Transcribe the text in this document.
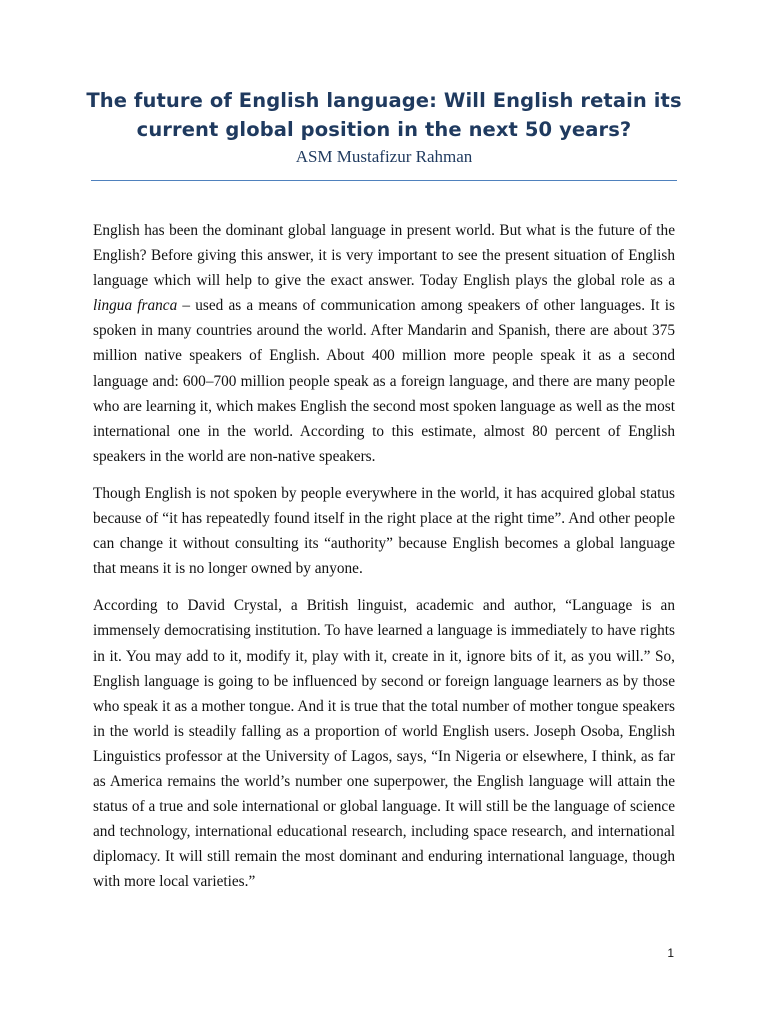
The future of English language: Will English retain its current global position in the next 50 years?

ASM Mustafizur Rahman

English has been the dominant global language in present world. But what is the future of the English? Before giving this answer, it is very important to see the present situation of English language which will help to give the exact answer. Today English plays the global role as a lingua franca – used as a means of communication among speakers of other languages. It is spoken in many countries around the world. After Mandarin and Spanish, there are about 375 million native speakers of English. About 400 million more people speak it as a second language and: 600–700 million people speak as a foreign language, and there are many people who are learning it, which makes English the second most spoken language as well as the most international one in the world. According to this estimate, almost 80 percent of English speakers in the world are non-native speakers.

Though English is not spoken by people everywhere in the world, it has acquired global status because of “it has repeatedly found itself in the right place at the right time”. And other people can change it without consulting its “authority” because English becomes a global language that means it is no longer owned by anyone.

According to David Crystal, a British linguist, academic and author, “Language is an immensely democratising institution. To have learned a language is immediately to have rights in it. You may add to it, modify it, play with it, create in it, ignore bits of it, as you will.” So, English language is going to be influenced by second or foreign language learners as by those who speak it as a mother tongue. And it is true that the total number of mother tongue speakers in the world is steadily falling as a proportion of world English users. Joseph Osoba, English Linguistics professor at the University of Lagos, says, “In Nigeria or elsewhere, I think, as far as America remains the world’s number one superpower, the English language will attain the status of a true and sole international or global language. It will still be the language of science and technology, international educational research, including space research, and international diplomacy. It will still remain the most dominant and enduring international language, though with more local varieties.”

1
